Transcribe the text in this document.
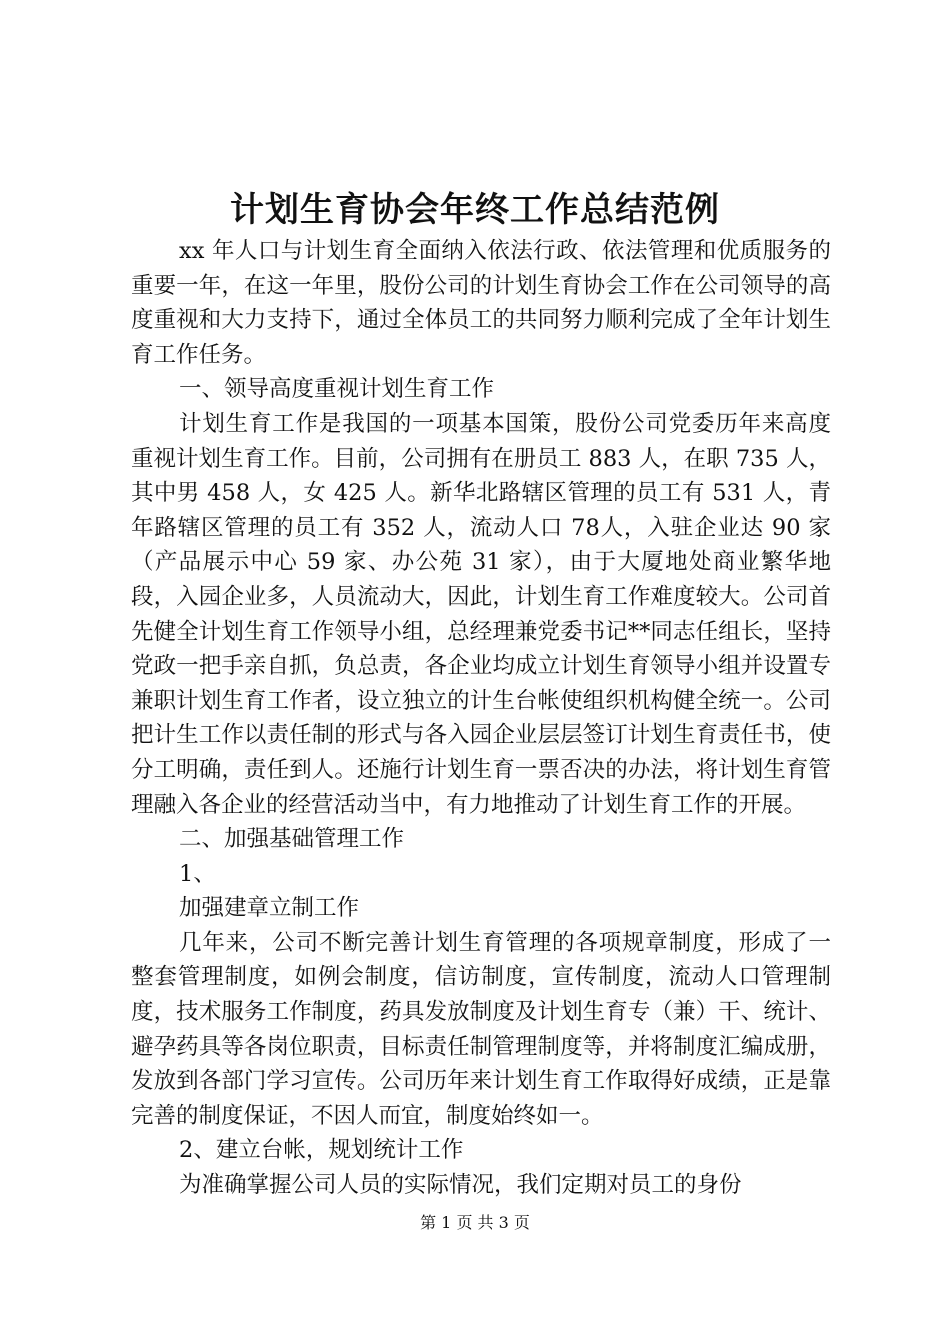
计划生育协会年终工作总结范例

xx 年人口与计划生育全面纳入依法行政、依法管理和优质服务的重要一年，在这一年里，股份公司的计划生育协会工作在公司领导的高度重视和大力支持下，通过全体员工的共同努力顺利完成了全年计划生育工作任务。

一、领导高度重视计划生育工作

计划生育工作是我国的一项基本国策，股份公司党委历年来高度重视计划生育工作。目前，公司拥有在册员工 883 人，在职 735 人，其中男 458 人，女 425 人。新华北路辖区管理的员工有 531 人，青年路辖区管理的员工有 352 人，流动人口 78人，入驻企业达 90 家（产品展示中心 59 家、办公苑 31 家），由于大厦地处商业繁华地段，入园企业多，人员流动大，因此，计划生育工作难度较大。公司首先健全计划生育工作领导小组，总经理兼党委书记**同志任组长，坚持党政一把手亲自抓，负总责，各企业均成立计划生育领导小组并设置专兼职计划生育工作者，设立独立的计生台帐使组织机构健全统一。公司把计生工作以责任制的形式与各入园企业层层签订计划生育责任书，使分工明确，责任到人。还施行计划生育一票否决的办法，将计划生育管理融入各企业的经营活动当中，有力地推动了计划生育工作的开展。

二、加强基础管理工作

1、

加强建章立制工作

几年来，公司不断完善计划生育管理的各项规章制度，形成了一整套管理制度，如例会制度，信访制度，宣传制度，流动人口管理制度，技术服务工作制度，药具发放制度及计划生育专（兼）干、统计、避孕药具等各岗位职责，目标责任制管理制度等，并将制度汇编成册，发放到各部门学习宣传。公司历年来计划生育工作取得好成绩，正是靠完善的制度保证，不因人而宜，制度始终如一。

2、建立台帐，规划统计工作

为准确掌握公司人员的实际情况，我们定期对员工的身份

第 1 页 共 3 页
